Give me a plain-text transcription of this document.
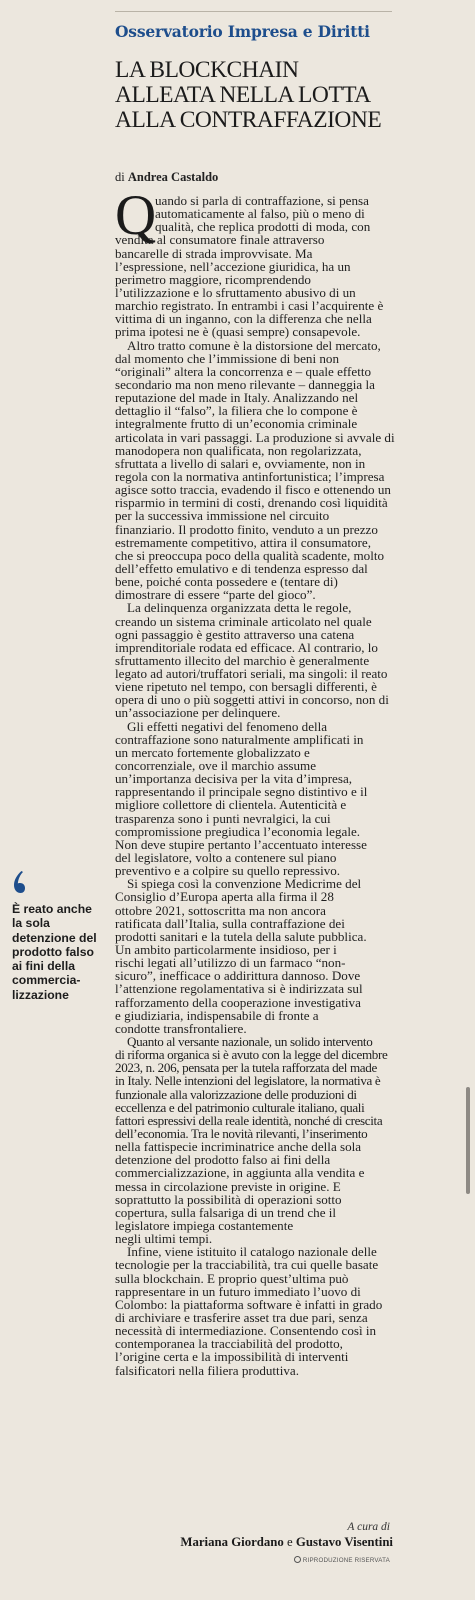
Osservatorio Impresa e Diritti
LA BLOCKCHAIN
ALLEATA NELLA LOTTA
ALLA CONTRAFFAZIONE
di Andrea Castaldo
Q
uando si parla di contraffazione, si pensa
automaticamente al falso, più o meno di
qualità, che replica prodotti di moda, con
vendita al consumatore finale attraverso
bancarelle di strada improvvisate. Ma
l’espressione, nell’accezione giuridica, ha un
perimetro maggiore, ricomprendendo
l’utilizzazione e lo sfruttamento abusivo di un
marchio registrato. In entrambi i casi l’acquirente è
vittima di un inganno, con la differenza che nella
prima ipotesi ne è (quasi sempre) consapevole.
Altro tratto comune è la distorsione del mercato,
dal momento che l’immissione di beni non
“originali” altera la concorrenza e – quale effetto
secondario ma non meno rilevante – danneggia la
reputazione del made in Italy. Analizzando nel
dettaglio il “falso”, la filiera che lo compone è
integralmente frutto di un’economia criminale
articolata in vari passaggi. La produzione si avvale di
manodopera non qualificata, non regolarizzata,
sfruttata a livello di salari e, ovviamente, non in
regola con la normativa antinfortunistica; l’impresa
agisce sotto traccia, evadendo il fisco e ottenendo un
risparmio in termini di costi, drenando così liquidità
per la successiva immissione nel circuito
finanziario. Il prodotto finito, venduto a un prezzo
estremamente competitivo, attira il consumatore,
che si preoccupa poco della qualità scadente, molto
dell’effetto emulativo e di tendenza espresso dal
bene, poiché conta possedere e (tentare di)
dimostrare di essere “parte del gioco”.
La delinquenza organizzata detta le regole,
creando un sistema criminale articolato nel quale
ogni passaggio è gestito attraverso una catena
imprenditoriale rodata ed efficace. Al contrario, lo
sfruttamento illecito del marchio è generalmente
legato ad autori/truffatori seriali, ma singoli: il reato
viene ripetuto nel tempo, con bersagli differenti, è
opera di uno o più soggetti attivi in concorso, non di
un’associazione per delinquere.
Gli effetti negativi del fenomeno della
contraffazione sono naturalmente amplificati in
un mercato fortemente globalizzato e
concorrenziale, ove il marchio assume
un’importanza decisiva per la vita d’impresa,
rappresentando il principale segno distintivo e il
migliore collettore di clientela. Autenticità e
trasparenza sono i punti nevralgici, la cui
compromissione pregiudica l’economia legale.
Non deve stupire pertanto l’accentuato interesse
del legislatore, volto a contenere sul piano
preventivo e a colpire su quello repressivo.
Si spiega così la convenzione Medicrime del
Consiglio d’Europa aperta alla firma il 28
ottobre 2021, sottoscritta ma non ancora
ratificata dall’Italia, sulla contraffazione dei
prodotti sanitari e la tutela della salute pubblica.
Un ambito particolarmente insidioso, per i
rischi legati all’utilizzo di un farmaco “non-
sicuro”, inefficace o addirittura dannoso. Dove
l’attenzione regolamentativa si è indirizzata sul
rafforzamento della cooperazione investigativa
e giudiziaria, indispensabile di fronte a
condotte transfrontaliere.
Quanto al versante nazionale, un solido intervento
di riforma organica si è avuto con la legge del dicembre
2023, n. 206, pensata per la tutela rafforzata del made
in Italy. Nelle intenzioni del legislatore, la normativa è
funzionale alla valorizzazione delle produzioni di
eccellenza e del patrimonio culturale italiano, quali
fattori espressivi della reale identità, nonché di crescita
dell’economia. Tra le novità rilevanti, l’inserimento
nella fattispecie incriminatrice anche della sola
detenzione del prodotto falso ai fini della
commercializzazione, in aggiunta alla vendita e
messa in circolazione previste in origine. E
soprattutto la possibilità di operazioni sotto
copertura, sulla falsariga di un trend che il
legislatore impiega costantemente
negli ultimi tempi.
Infine, viene istituito il catalogo nazionale delle
tecnologie per la tracciabilità, tra cui quelle basate
sulla blockchain. E proprio quest’ultima può
rappresentare in un futuro immediato l’uovo di
Colombo: la piattaforma software è infatti in grado
di archiviare e trasferire asset tra due pari, senza
necessità di intermediazione. Consentendo così in
contemporanea la tracciabilità del prodotto,
l’origine certa e la impossibilità di interventi
falsificatori nella filiera produttiva.
È reato anche
la sola
detenzione del
prodotto falso
ai fini della
commercia-
lizzazione
A cura di
Mariana Giordano e Gustavo Visentini
RIPRODUZIONE RISERVATA
